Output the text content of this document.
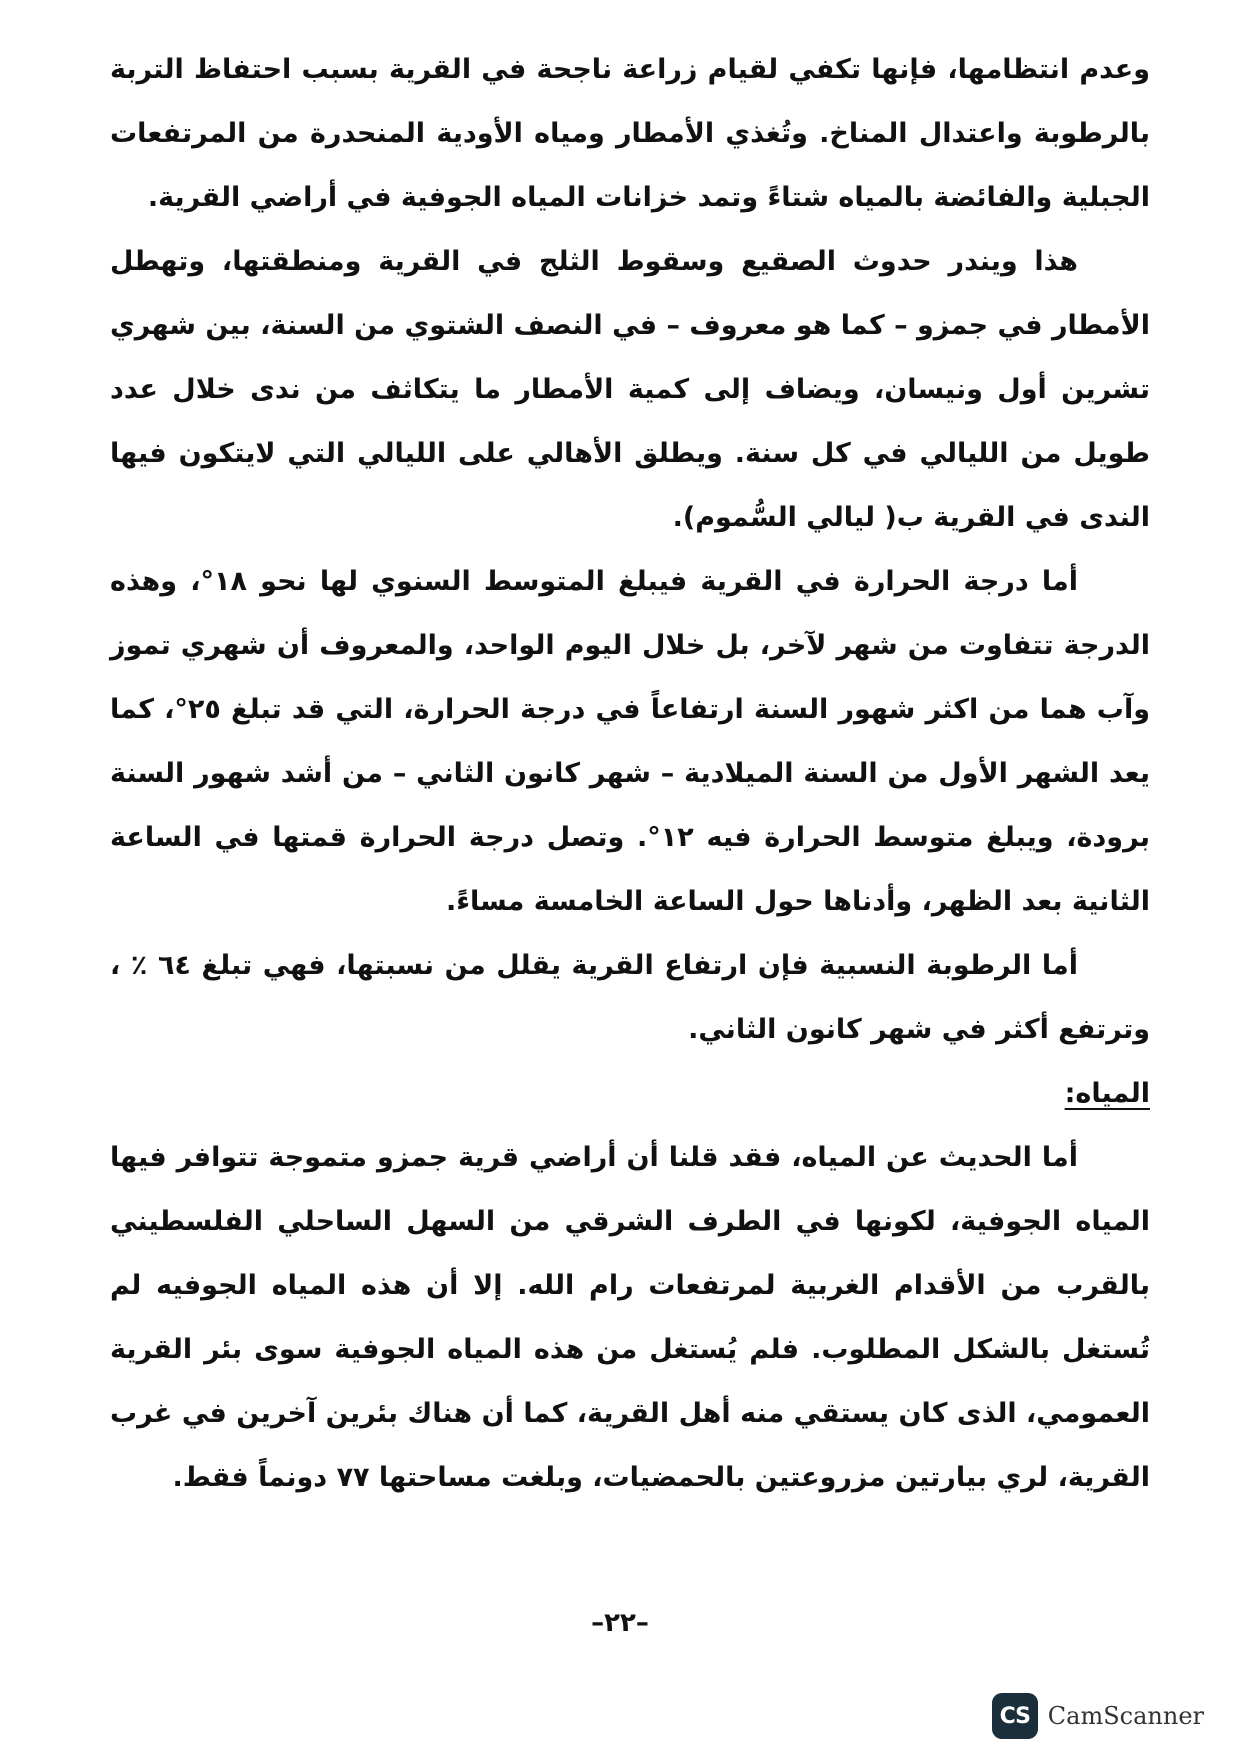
وعدم انتظامها، فإنها تكفي لقيام زراعة ناجحة في القرية بسبب احتفاظ التربة بالرطوبة واعتدال المناخ. وتُغذي الأمطار ومياه الأودية المنحدرة من المرتفعات الجبلية والفائضة بالمياه شتاءً وتمد خزانات المياه الجوفية في أراضي القرية.

هذا ويندر حدوث الصقيع وسقوط الثلج في القرية ومنطقتها، وتهطل الأمطار في جمزو – كما هو معروف – في النصف الشتوي من السنة، بين شهري تشرين أول ونيسان، ويضاف إلى كمية الأمطار ما يتكاثف من ندى خلال عدد طويل من الليالي في كل سنة. ويطلق الأهالي على الليالي التي لايتكون فيها الندى في القرية ب( ليالي السُّموم).

أما درجة الحرارة في القرية فيبلغ المتوسط السنوي لها نحو ١٨°، وهذه الدرجة تتفاوت من شهر لآخر، بل خلال اليوم الواحد، والمعروف أن شهري تموز وآب هما من اكثر شهور السنة ارتفاعاً في درجة الحرارة، التي قد تبلغ ٢٥°، كما يعد الشهر الأول من السنة الميلادية – شهر كانون الثاني – من أشد شهور السنة برودة، ويبلغ متوسط الحرارة فيه ١٢°. وتصل درجة الحرارة قمتها في الساعة الثانية بعد الظهر، وأدناها حول الساعة الخامسة مساءً.

أما الرطوبة النسبية فإن ارتفاع القرية يقلل من نسبتها، فهي تبلغ ٦٤ ٪ ، وترتفع أكثر في شهر كانون الثاني.

المياه:

أما الحديث عن المياه، فقد قلنا أن أراضي قرية جمزو متموجة تتوافر فيها المياه الجوفية، لكونها في الطرف الشرقي من السهل الساحلي الفلسطيني بالقرب من الأقدام الغربية لمرتفعات رام الله. إلا أن هذه المياه الجوفيه لم تُستغل بالشكل المطلوب. فلم يُستغل من هذه المياه الجوفية سوى بئر القرية العمومي، الذى كان يستقي منه أهل القرية، كما أن هناك بئرين آخرين في غرب القرية، لري بيارتين مزروعتين بالحمضيات، وبلغت مساحتها ٧٧ دونماً فقط.

–٢٢–
CS CamScanner
